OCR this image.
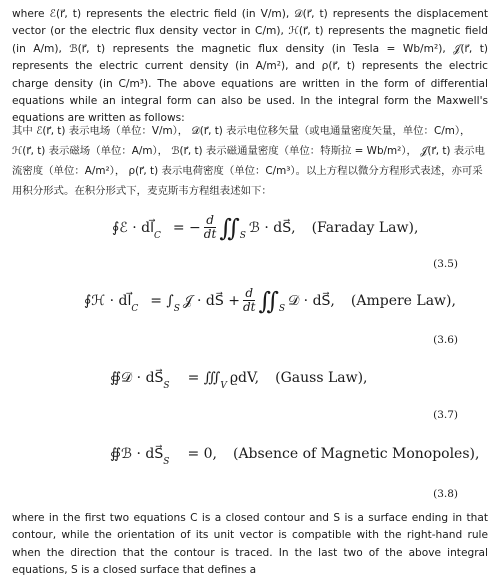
where ℰ(r⃗, t) represents the electric field (in V/m), 𝒟(r⃗, t) represents the displacement vector (or the electric flux density vector in C/m), ℋ(r⃗, t) represents the magnetic field (in A/m), ℬ(r⃗, t) represents the magnetic flux density (in Tesla = Wb/m²), 𝒥(r⃗, t) represents the electric current density (in A/m²), and ρ(r⃗, t) represents the electric charge density (in C/m³). The above equations are written in the form of differential equations while an integral form can also be used. In the integral form the Maxwell's equations are written as follows:

其中 ℰ(r⃗, t) 表示电场（单位：V/m）， 𝒟(r⃗, t) 表示电位移矢量（或电通量密度矢量，单位：C/m）， ℋ(r⃗, t) 表示磁场（单位：A/m）， ℬ(r⃗, t) 表示磁通量密度（单位：特斯拉 = Wb/m²）， 𝒥(r⃗, t) 表示电流密度（单位：A/m²）， ρ(r⃗, t) 表示电荷密度（单位：C/m³）。以上方程以微分方程形式表述，亦可采用积分形式。在积分形式下，麦克斯韦方程组表述如下：

∮ℰ · dl⃗ C = − $\frac{d}{dt}$ ∬ S ℬ · dS⃗, (Faraday Law),
(3.5)
∮ℋ · dl⃗ C = ∫ S 𝒥 · dS⃗ + $\frac{d}{dt}$ ∬ S 𝒟 · dS⃗, (Ampere Law),
(3.6)
∯𝒟 · dS⃗ S = ∭ V ϱdV, (Gauss Law),
(3.7)
∯ℬ · dS⃗ S = 0, (Absence of Magnetic Monopoles),
(3.8)

where in the first two equations C is a closed contour and S is a surface ending in that contour, while the orientation of its unit vector is compatible with the right-hand rule when the direction that the contour is traced. In the last two of the above integral equations, S is a closed surface that defines a
